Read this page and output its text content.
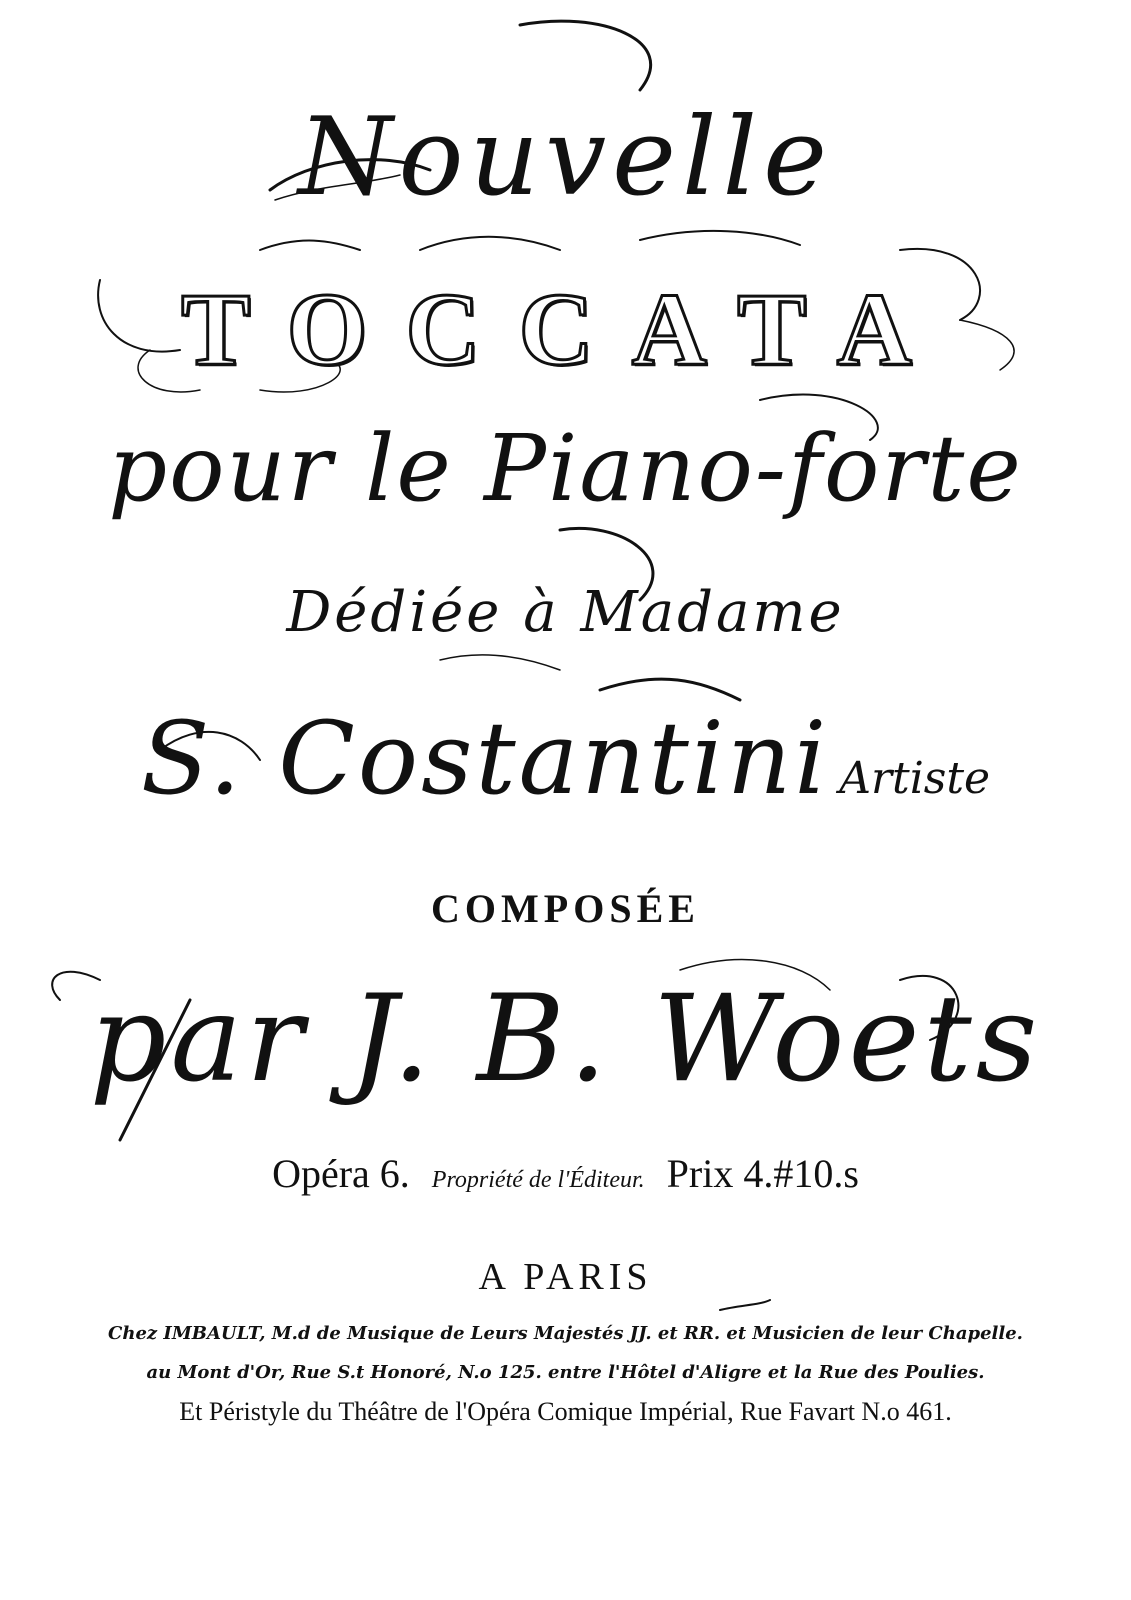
Nouvelle
TOCCATA
pour le Piano-forte
Dédiée à Madame
S. Costantini Artiste
COMPOSÉE
par J. B. Woets
Opéra 6. Propriété de l'Éditeur. Prix 4.#10.s
A PARIS
Chez IMBAULT, M.d de Musique de Leurs Majestés JJ. et RR. et Musicien de leur Chapelle.
au Mont d'Or, Rue S.t Honoré, N.o 125. entre l'Hôtel d'Aligre et la Rue des Poulies.
Et Péristyle du Théâtre de l'Opéra Comique Impérial, Rue Favart N.o 461.
